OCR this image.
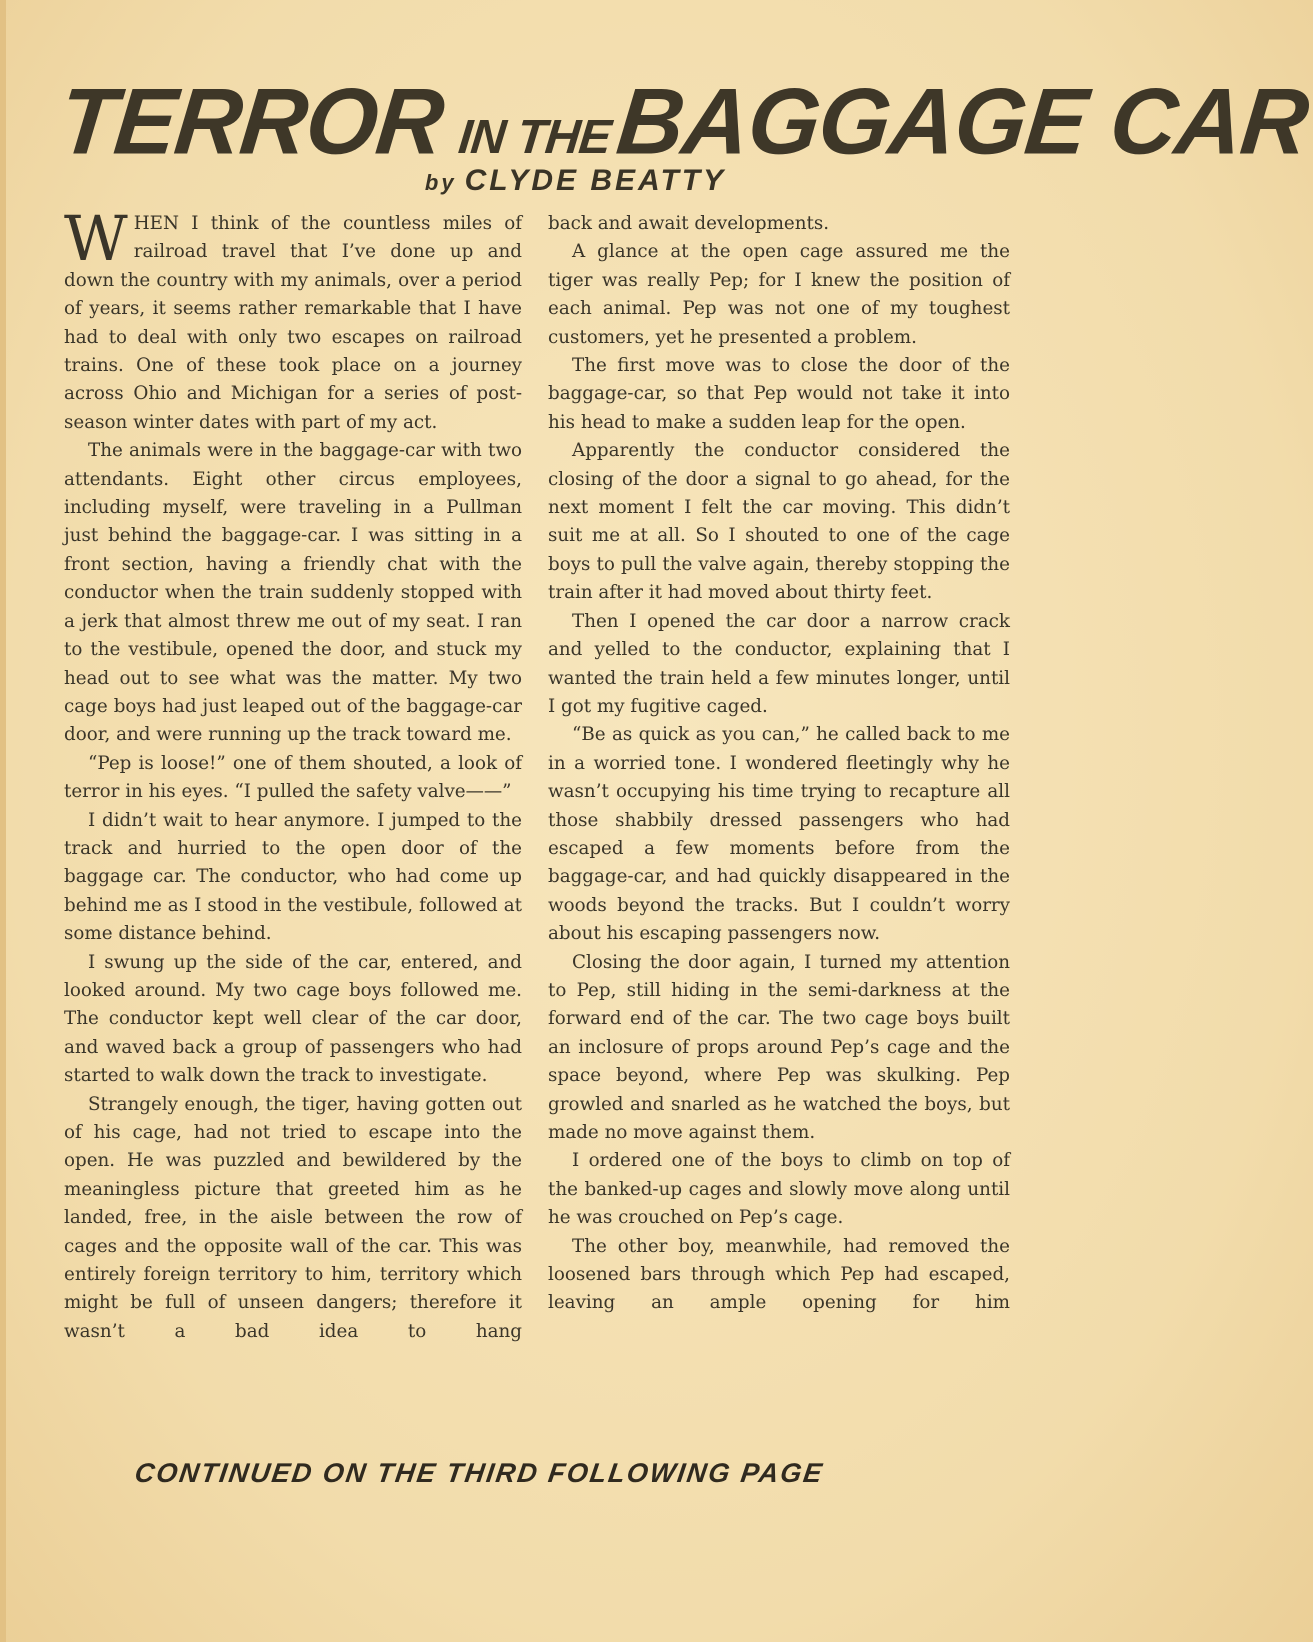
TERROR IN THEBAGGAGE CAR
by CLYDE BEATTY

WHEN I think of the countless miles of railroad travel that I’ve done up and down the country with my animals, over a period of years, it seems rather remarkable that I have had to deal with only two escapes on railroad trains. One of these took place on a journey across Ohio and Michigan for a series of post-season winter dates with part of my act.

The animals were in the baggage-car with two attendants. Eight other circus employees, including myself, were traveling in a Pullman just behind the baggage-car. I was sitting in a front section, having a friendly chat with the conductor when the train suddenly stopped with a jerk that almost threw me out of my seat. I ran to the vestibule, opened the door, and stuck my head out to see what was the matter. My two cage boys had just leaped out of the baggage-car door, and were running up the track toward me.

“Pep is loose!” one of them shouted, a look of terror in his eyes. “I pulled the safety valve——”

I didn’t wait to hear anymore. I jumped to the track and hurried to the open door of the baggage car. The conductor, who had come up behind me as I stood in the vestibule, followed at some distance behind.

I swung up the side of the car, entered, and looked around. My two cage boys followed me. The conductor kept well clear of the car door, and waved back a group of passengers who had started to walk down the track to investigate.

Strangely enough, the tiger, having gotten out of his cage, had not tried to escape into the open. He was puzzled and bewildered by the meaningless picture that greeted him as he landed, free, in the aisle between the row of cages and the opposite wall of the car. This was entirely foreign territory to him, territory which might be full of unseen dangers; therefore it wasn’t a bad idea to hang

back and await developments.

A glance at the open cage assured me the tiger was really Pep; for I knew the position of each animal. Pep was not one of my toughest customers, yet he presented a problem.

The first move was to close the door of the baggage-car, so that Pep would not take it into his head to make a sudden leap for the open.

Apparently the conductor considered the closing of the door a signal to go ahead, for the next moment I felt the car moving. This didn’t suit me at all. So I shouted to one of the cage boys to pull the valve again, thereby stopping the train after it had moved about thirty feet.

Then I opened the car door a narrow crack and yelled to the conductor, explaining that I wanted the train held a few minutes longer, until I got my fugitive caged.

“Be as quick as you can,” he called back to me in a worried tone. I wondered fleetingly why he wasn’t occupying his time trying to recapture all those shabbily dressed passengers who had escaped a few moments before from the baggage-car, and had quickly disappeared in the woods beyond the tracks. But I couldn’t worry about his escaping passengers now.

Closing the door again, I turned my attention to Pep, still hiding in the semi-darkness at the forward end of the car. The two cage boys built an inclosure of props around Pep’s cage and the space beyond, where Pep was skulking. Pep growled and snarled as he watched the boys, but made no move against them.

I ordered one of the boys to climb on top of the banked-up cages and slowly move along until he was crouched on Pep’s cage.

The other boy, meanwhile, had removed the loosened bars through which Pep had escaped, leaving an ample opening for him

CONTINUED ON THE THIRD FOLLOWING PAGE
